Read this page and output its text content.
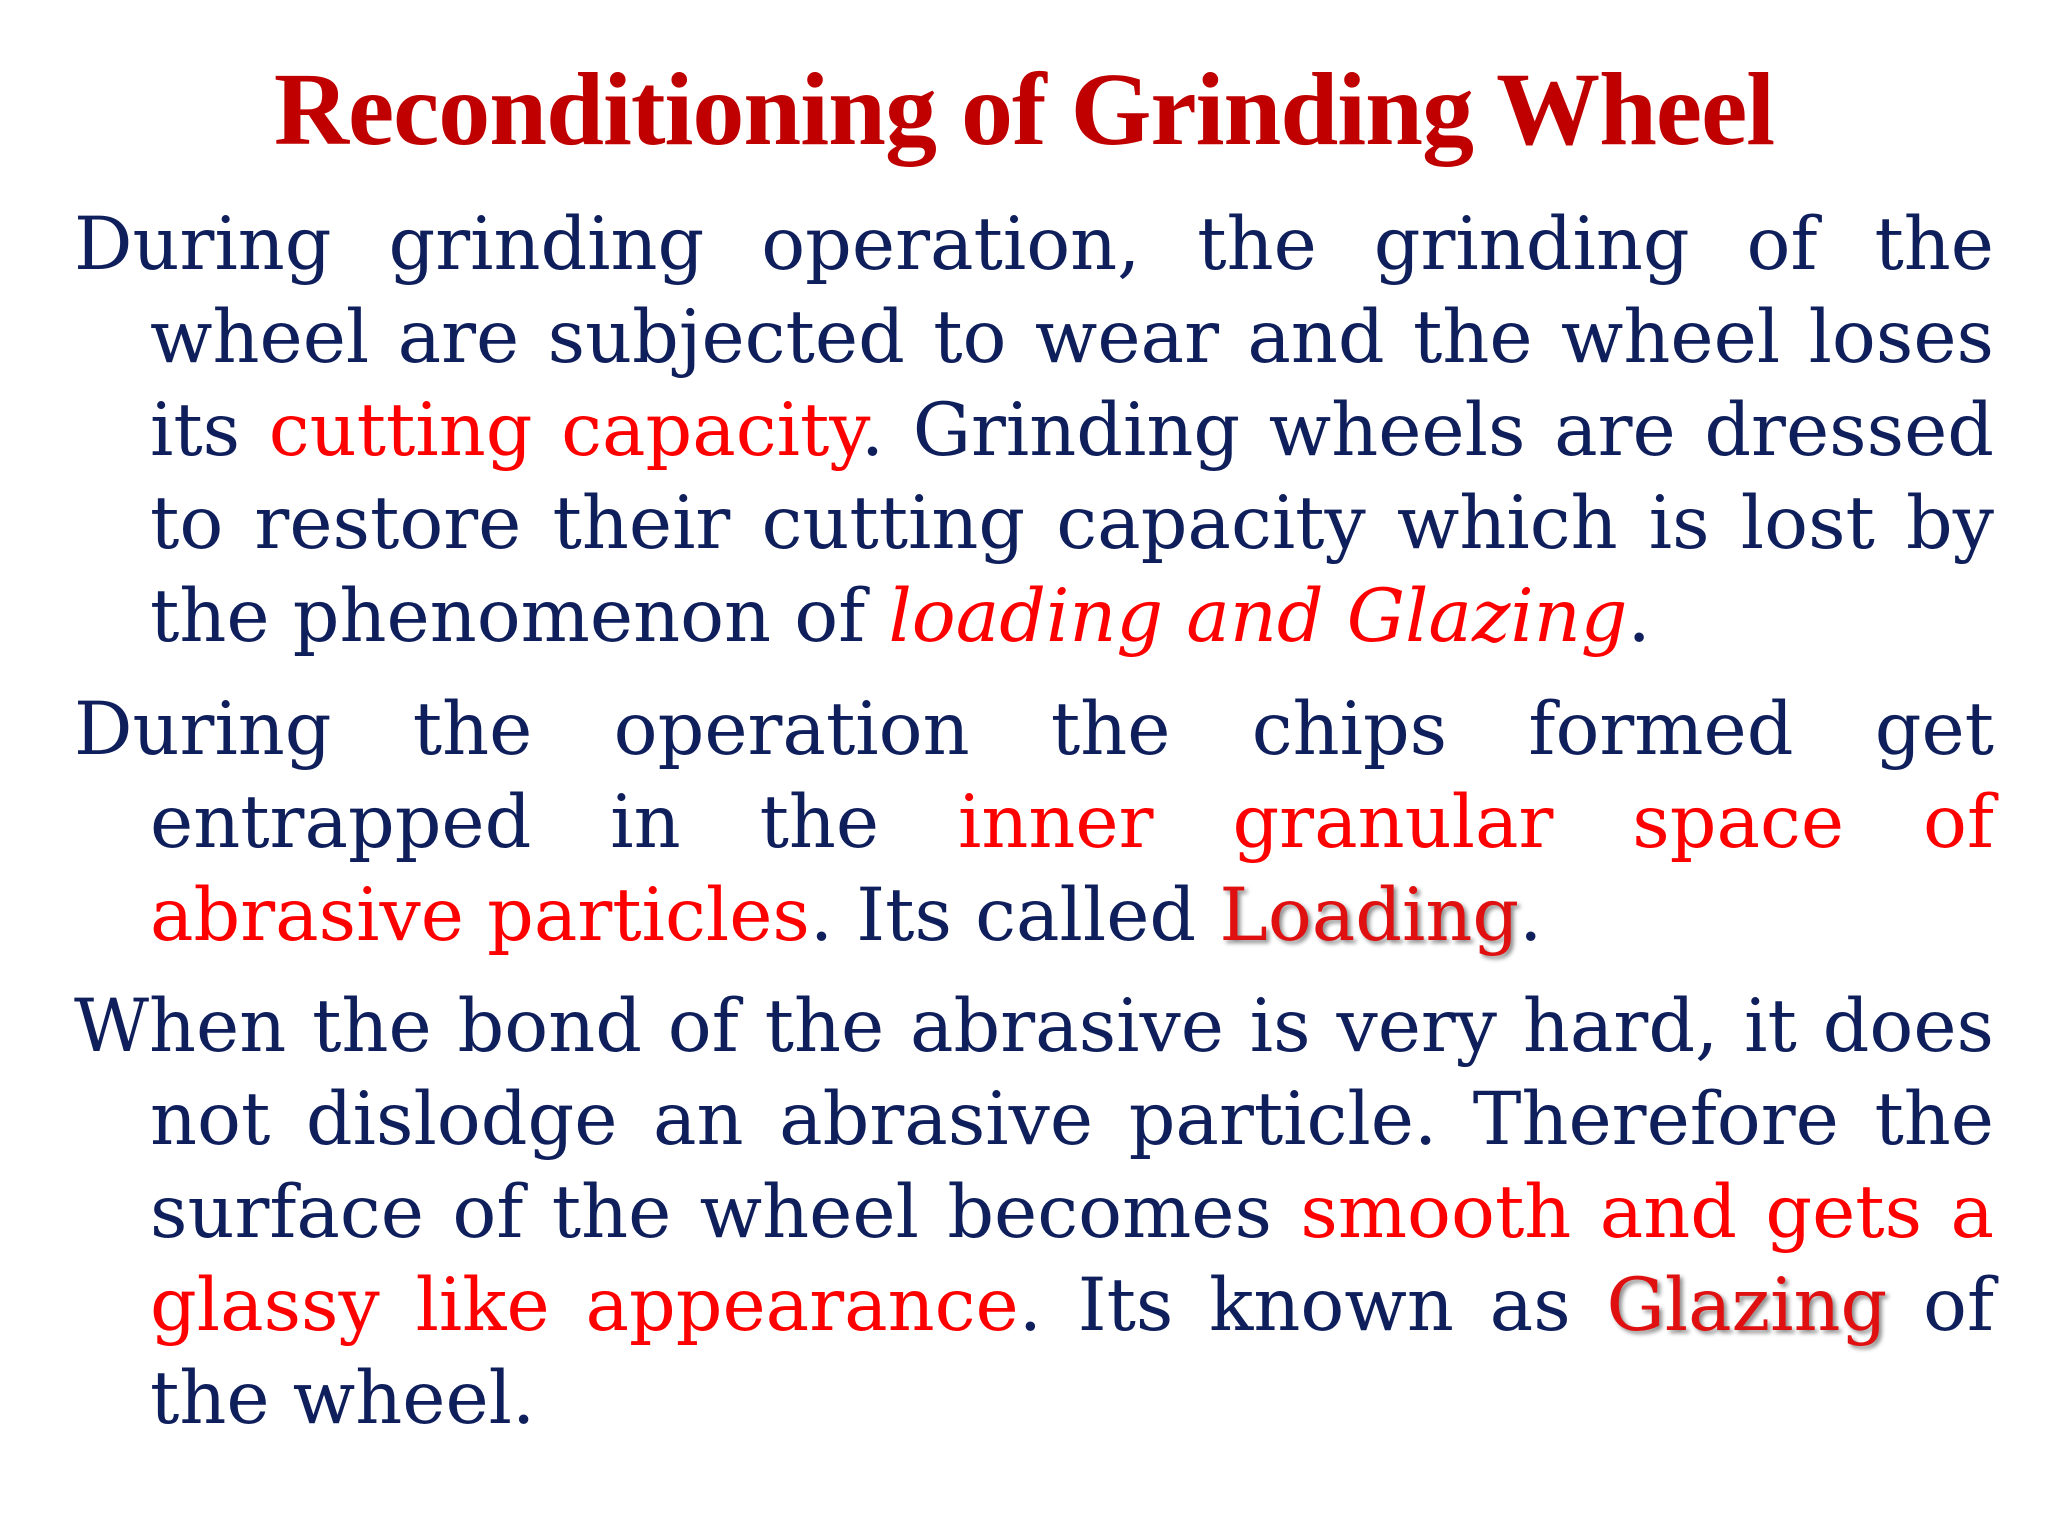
Reconditioning of Grinding Wheel

During grinding operation, the grinding of the wheel are subjected to wear and the wheel loses its cutting capacity. Grinding wheels are dressed to restore their cutting capacity which is lost by the phenomenon of loading and Glazing.

During the operation the chips formed get entrapped in the inner granular space of abrasive particles. Its called Loading.

When the bond of the abrasive is very hard, it does not dislodge an abrasive particle. Therefore the surface of the wheel becomes smooth and gets a glassy like appearance. Its known as Glazing of the wheel.
